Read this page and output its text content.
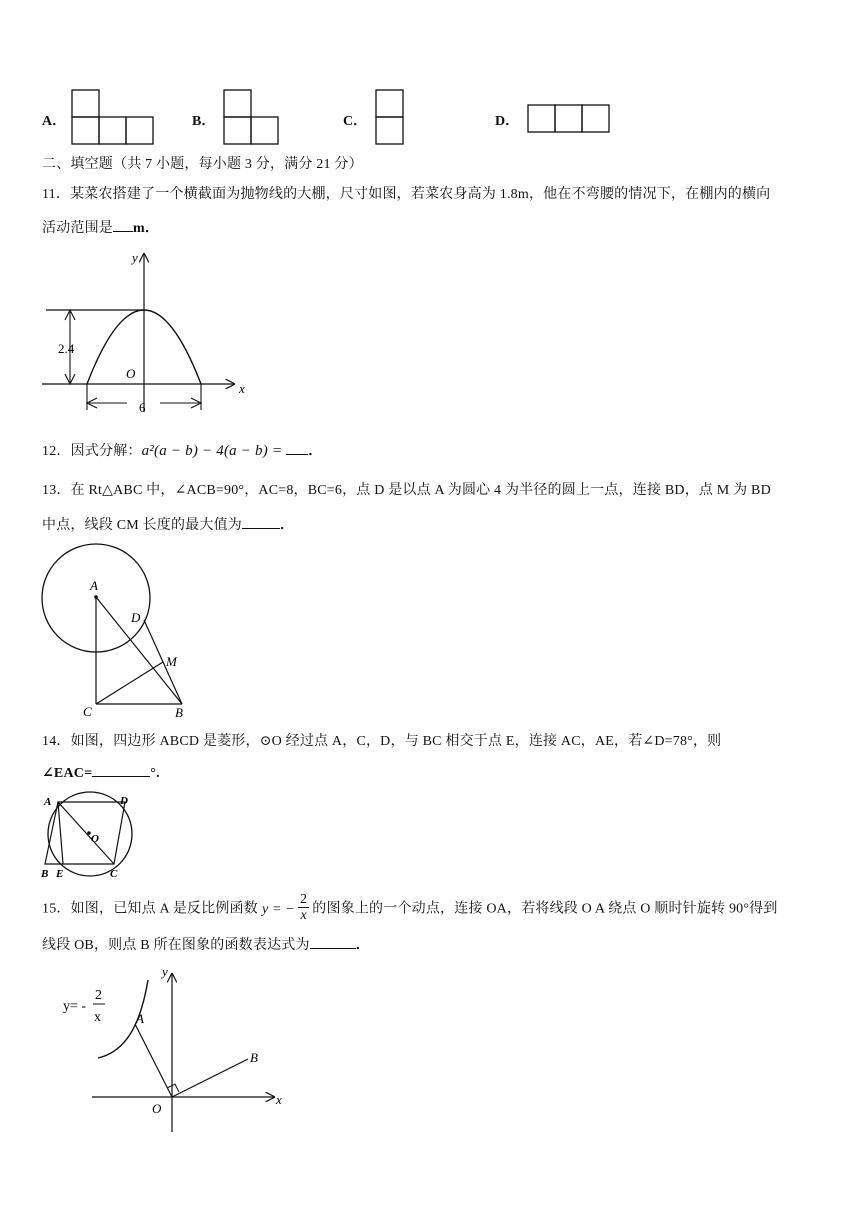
A．	B．	C．	D．
二、填空题（共 7 小题，每小题 3 分，满分 21 分）
11．某菜农搭建了一个横截面为抛物线的大棚，尺寸如图，若菜农身高为 1.8m，他在不弯腰的情况下，在棚内的横向
活动范围是 m．
y
x
O
2.4
6
12．因式分解：a²(a − b) − 4(a − b) = ．
13．在 Rt△ABC 中，∠ACB=90°，AC=8，BC=6，点 D 是以点 A 为圆心 4 为半径的圆上一点，连接 BD，点 M 为 BD
中点，线段 CM 长度的最大值为	．
A
D
M
C	B
14．如图，四边形 ABCD 是菱形，⊙O 经过点 A，C，D，与 BC 相交于点 E，连接 AC，AE，若∠D=78°，则
∠EAC=	°.
A	D
O
B E	C
15．如图，已知点 A 是反比例函数 y = − $\frac{2}{x}$ 的图象上的一个动点，连接 OA，若将线段 O A 绕点 O 顺时针旋转 90°得到
线段 OB，则点 B 所在图象的函数表达式为	．
y= -
2
x	A
B
O
x
y
